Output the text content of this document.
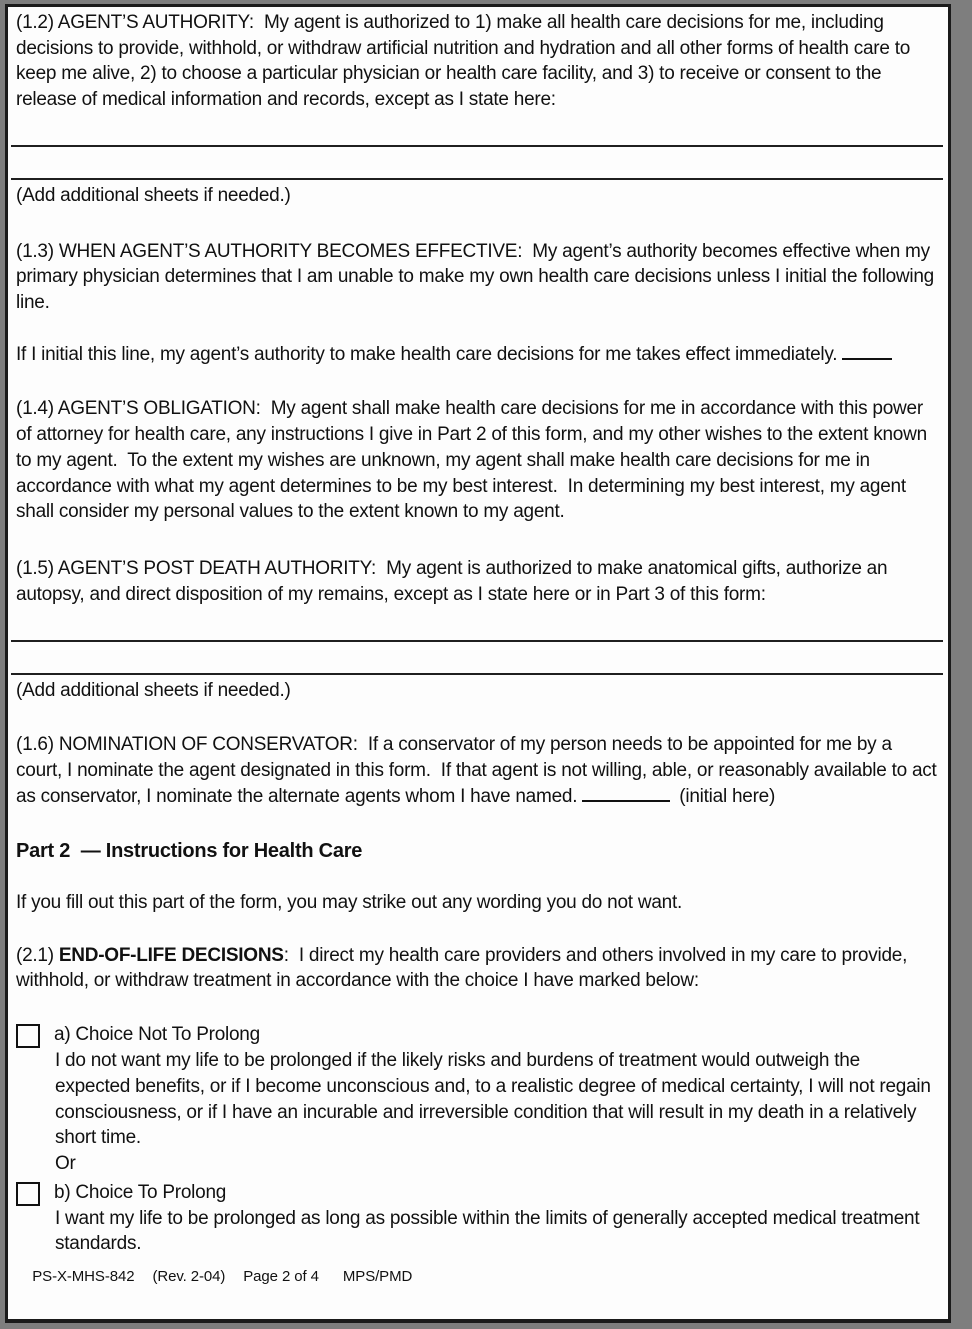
(1.2) AGENT’S AUTHORITY:  My agent is authorized to 1) make all health care decisions for me, including decisions to provide, withhold, or withdraw artificial nutrition and hydration and all other forms of health care to keep me alive, 2) to choose a particular physician or health care facility, and 3) to receive or consent to the release of medical information and records, except as I state here:

(Add additional sheets if needed.)

(1.3) WHEN AGENT’S AUTHORITY BECOMES EFFECTIVE:  My agent’s authority becomes effective when my primary physician determines that I am unable to make my own health care decisions unless I initial the following line.

If I initial this line, my agent’s authority to make health care decisions for me takes effect immediately.

(1.4) AGENT’S OBLIGATION:  My agent shall make health care decisions for me in accordance with this power of attorney for health care, any instructions I give in Part 2 of this form, and my other wishes to the extent known to my agent.  To the extent my wishes are unknown, my agent shall make health care decisions for me in accordance with what my agent determines to be my best interest.  In determining my best interest, my agent shall consider my personal values to the extent known to my agent.

(1.5) AGENT’S POST DEATH AUTHORITY:  My agent is authorized to make anatomical gifts, authorize an autopsy, and direct disposition of my remains, except as I state here or in Part 3 of this form:

(Add additional sheets if needed.)

(1.6) NOMINATION OF CONSERVATOR:  If a conservator of my person needs to be appointed for me by a court, I nominate the agent designated in this form.  If that agent is not willing, able, or reasonably available to act as conservator, I nominate the alternate agents whom I have named.	(initial here)

Part 2  — Instructions for Health Care

If you fill out this part of the form, you may strike out any wording you do not want.

(2.1) END-OF-LIFE DECISIONS:  I direct my health care providers and others involved in my care to provide, withhold, or withdraw treatment in accordance with the choice I have marked below:

a) Choice Not To Prolong

I do not want my life to be prolonged if the likely risks and burdens of treatment would outweigh the expected benefits, or if I become unconscious and, to a realistic degree of medical certainty, I will not regain consciousness, or if I have an incurable and irreversible condition that will result in my death in a relatively short time.

Or

b) Choice To Prolong

I want my life to be prolonged as long as possible within the limits of generally accepted medical treatment standards.

PS-X-MHS-842 (Rev. 2-04) Page 2 of 4 MPS/PMD
